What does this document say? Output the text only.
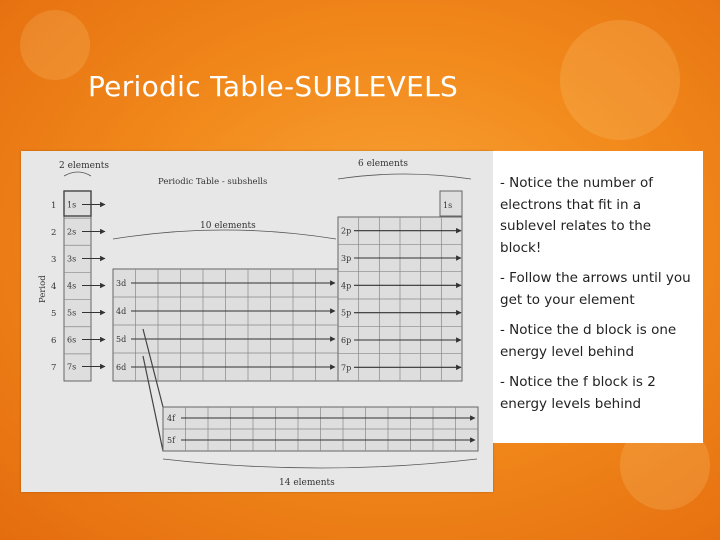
Periodic Table-SUBLEVELS
2 elements
Periodic Table - subshells
6 elements
10 elements
14 elements
Period
1
2
3
4
5
6
7
1s
2s
3s
4s
5s
6s
7s
1s
2p
3p
4p
5p
6p
7p
3d
4d
5d
6d
4f
5f

- Notice the number of electrons that fit in a sublevel relates to the block!

- Follow the arrows until you get to your element

- Notice the d block is one energy level behind

- Notice the f block is 2 energy levels behind
